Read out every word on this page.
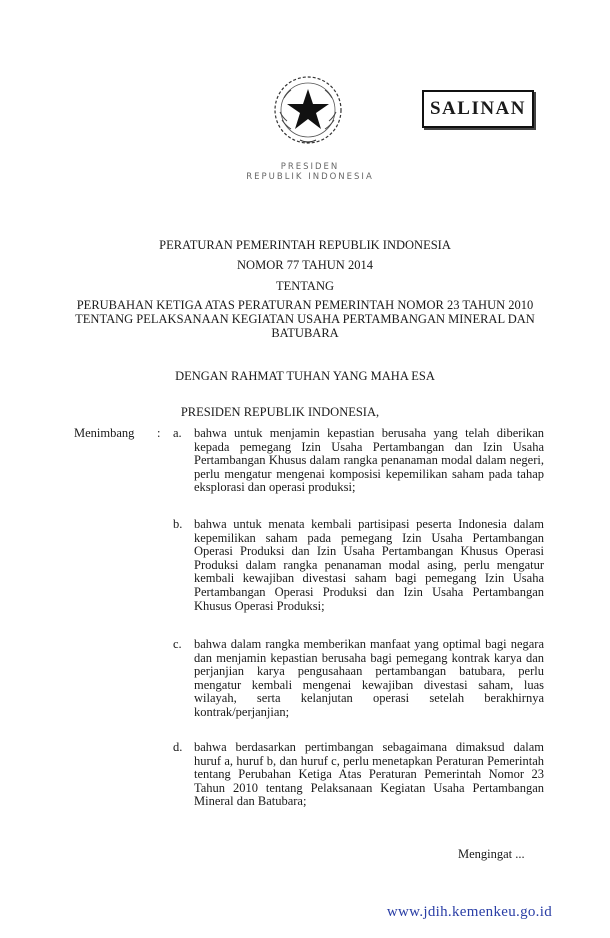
SALINAN
PRESIDEN
REPUBLIK INDONESIA
PERATURAN PEMERINTAH REPUBLIK INDONESIA
NOMOR 77 TAHUN 2014
TENTANG
PERUBAHAN KETIGA ATAS PERATURAN PEMERINTAH NOMOR 23 TAHUN 2010 TENTANG PELAKSANAAN KEGIATAN USAHA PERTAMBANGAN MINERAL DAN BATUBARA
DENGAN RAHMAT TUHAN YANG MAHA ESA
PRESIDEN REPUBLIK INDONESIA,
Menimbang : a. bahwa untuk menjamin kepastian berusaha yang telah diberikan kepada pemegang Izin Usaha Pertambangan dan Izin Usaha Pertambangan Khusus dalam rangka penanaman modal dalam negeri, perlu mengatur mengenai komposisi kepemilikan saham pada tahap eksplorasi dan operasi produksi;
b. bahwa untuk menata kembali partisipasi peserta Indonesia dalam kepemilikan saham pada pemegang Izin Usaha Pertambangan Operasi Produksi dan Izin Usaha Pertambangan Khusus Operasi Produksi dalam rangka penanaman modal asing, perlu mengatur kembali kewajiban divestasi saham bagi pemegang Izin Usaha Pertambangan Operasi Produksi dan Izin Usaha Pertambangan Khusus Operasi Produksi;
c. bahwa dalam rangka memberikan manfaat yang optimal bagi negara dan menjamin kepastian berusaha bagi pemegang kontrak karya dan perjanjian karya pengusahaan pertambangan batubara, perlu mengatur kembali mengenai kewajiban divestasi saham, luas wilayah, serta kelanjutan operasi setelah berakhirnya kontrak/perjanjian;
d. bahwa berdasarkan pertimbangan sebagaimana dimaksud dalam huruf a, huruf b, dan huruf c, perlu menetapkan Peraturan Pemerintah tentang Perubahan Ketiga Atas Peraturan Pemerintah Nomor 23 Tahun 2010 tentang Pelaksanaan Kegiatan Usaha Pertambangan Mineral dan Batubara;
Mengingat ...
www.jdih.kemenkeu.go.id
